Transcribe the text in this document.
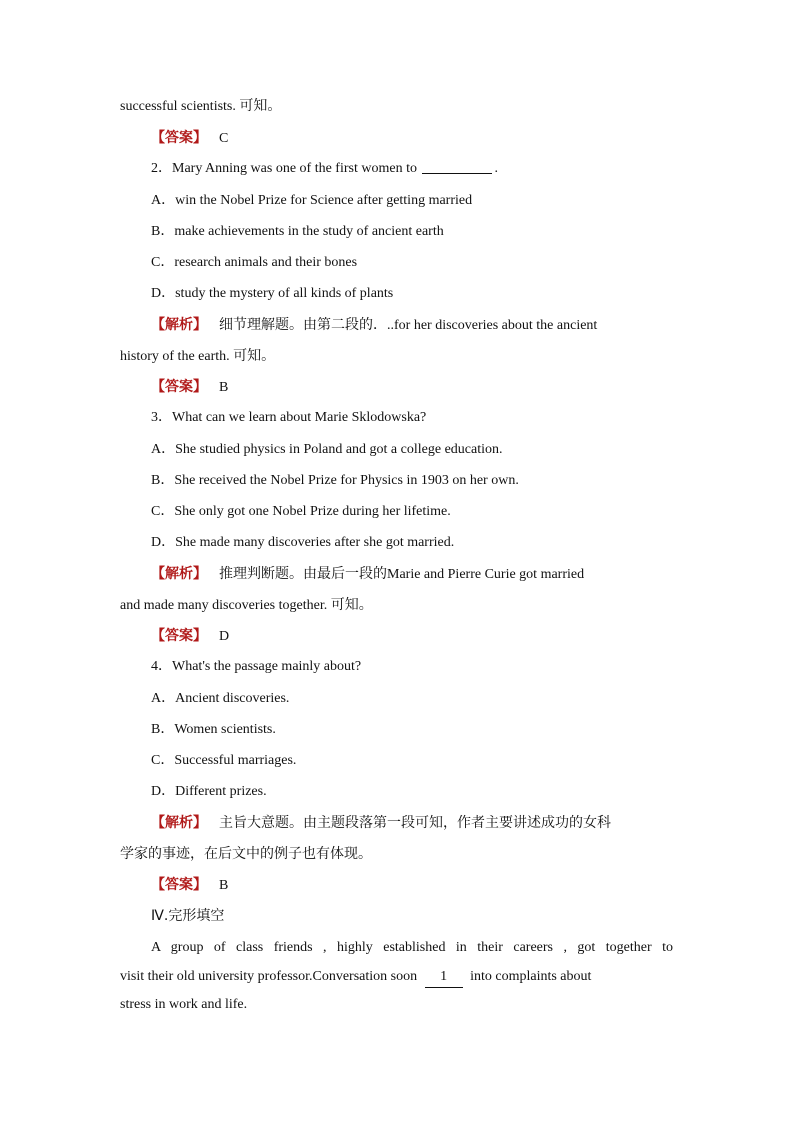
successful scientists. 可知。
【答案】 C
2．Mary Anning was one of the first women to	.
A．win the Nobel Prize for Science after getting married
B．make achievements in the study of ancient earth
C．research animals and their bones
D．study the mystery of all kinds of plants
【解析】 细节理解题。由第二段的．..for her discoveries about the ancient
history of the earth. 可知。
【答案】 B
3．What can we learn about Marie Sklodowska?
A．She studied physics in Poland and got a college education.
B．She received the Nobel Prize for Physics in 1903 on her own.
C．She only got one Nobel Prize during her lifetime.
D．She made many discoveries after she got married.
【解析】 推理判断题。由最后一段的Marie and Pierre Curie got married
and made many discoveries together. 可知。
【答案】 D
4．What's the passage mainly about?
A．Ancient discoveries.
B．Women scientists.
C．Successful marriages.
D．Different prizes.
【解析】 主旨大意题。由主题段落第一段可知，作者主要讲述成功的女科
学家的事迹，在后文中的例子也有体现。
【答案】 B
Ⅳ.完形填空
A group of class friends , highly established in their careers , got together to
visit their old university professor.Conversation soon 1 into complaints about
stress in work and life.
